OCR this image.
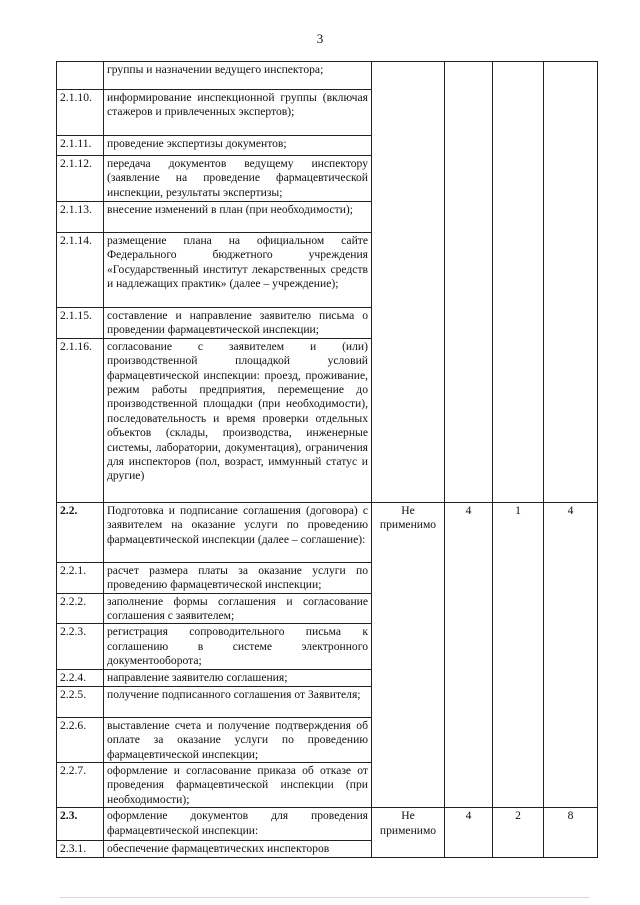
3
	группы и назначении ведущего инспектора;				
2.1.10.	информирование инспекционной группы (включая стажеров и привлеченных экспертов);				
2.1.11.	проведение экспертизы документов;				
2.1.12.	передача документов ведущему инспектору (заявление на проведение фармацевтической инспекции, результаты экспертизы;				
2.1.13.	внесение изменений в план (при необходимости);				
2.1.14.	размещение плана на официальном сайте Федерального бюджетного учреждения «Государственный институт лекарственных средств и надлежащих практик» (далее – учреждение);				
2.1.15.	составление и направление заявителю письма о проведении фармацевтической инспекции;				
2.1.16.	согласование с заявителем и (или) производственной площадкой условий фармацевтической инспекции: проезд, проживание, режим работы предприятия, перемещение до производственной площадки (при необходимости), последовательность и время проверки отдельных объектов (склады, производства, инженерные системы, лаборатории, документация), ограничения для инспекторов (пол, возраст, иммунный статус и другие)				
2.2.	Подготовка и подписание соглашения (договора) с заявителем на оказание услуги по проведению фармацевтической инспекции (далее – соглашение):	Не применимо	4	1	4
2.2.1.	расчет размера платы за оказание услуги по проведению фармацевтической инспекции;				
2.2.2.	заполнение формы соглашения и согласование соглашения с заявителем;				
2.2.3.	регистрация сопроводительного письма к соглашению в системе электронного документооборота;				
2.2.4.	направление заявителю соглашения;				
2.2.5.	получение подписанного соглашения от Заявителя;				
2.2.6.	выставление счета и получение подтверждения об оплате за оказание услуги по проведению фармацевтической инспекции;				
2.2.7.	оформление и согласование приказа об отказе от проведения фармацевтической инспекции (при необходимости);				
2.3.	оформление документов для проведения фармацевтической инспекции:	Не применимо	4	2	8
2.3.1.	обеспечение фармацевтических инспекторов				
